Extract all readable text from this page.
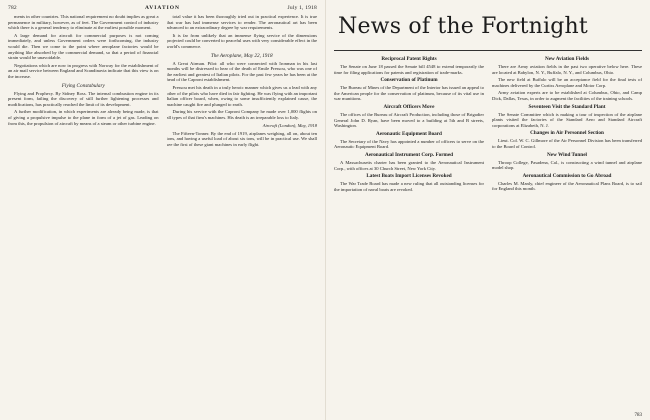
782	AVIATION	July 1, 1918

ments in other countries. This national requirement no doubt implies as great a permanence in military, however, as of feet. The Government control of industry which there is a general tendency to eliminate at the earliest possible moment.

A large demand for aircraft for commercial purposes is not coming immediately, and unless Government orders were forthcoming, the industry would die. Then we come to the point where aeroplane factories would be anything like absorbed by the commercial demand, so that a period of financial strain would be unavoidable.

Negotiations which are now in progress with Norway for the establishment of an air mail service between England and Scandinavia indicate that this view is on the increase.

Flying Constabulary

Flying and Prophecy. By Sidney Ross. The internal combustion engine in its present form, failing the discovery of still further lightening processes and modifications, has practically reached the limit of its development.

A further modification, in which experiments are already being made, is that of giving a propulsive impulse to the plane in form of a jet of gas. Leading on from this, the propulsion of aircraft by means of a steam or other turbine engine.

total value it has been thoroughly tried out in practical experience. It is true that war has had immense services to render. The aeronautical art has been advanced to an extraordinary degree by war requirements.

It is far from unlikely that an immense flying service of the dimensions projected could be converted to peaceful uses with very considerable effect in the world's commerce.

The Aeroplane, May 22, 1918

A Great Airman. Pilot: all who were connected with Ironman in his last months will be distressed to hear of the death of Emile Pressou, who was one of the earliest and greatest of Italian pilots. For the past few years he has been at the head of the Caproni establishment.

Pressou met his death in a truly heroic manner which gives us a lead with any other of the pilots who have died in fair fighting. He was flying with an important Italian officer board, when, owing to some insufficiently explained cause, the machine caught fire and plunged to earth.

During his service with the Caproni Company he made over 1,000 flights on all types of that firm's machines. His death is an irreparable loss to Italy.

Aircraft (London), May, 1918

The Fifteen-Tonner. By the end of 1919, airplanes weighing, all on, about ten tons, and having a useful load of about six tons, will be in practical use. We shall see the first of these giant machines in early flight.

News of the Fortnight
Reciprocal Patent Rights

The Senate on June 18 passed the Senate bill 4548 to extend temporarily the time for filing applications for patents and registration of trade-marks.

Conservation of Platinum

The Bureau of Mines of the Department of the Interior has issued an appeal to the American people for the conservation of platinum, because of its vital use in war munitions.

Aircraft Officers Move

The offices of the Bureau of Aircraft Production, including those of Brigadier General John D. Ryan, have been moved to a building at 5th and B streets, Washington.

Aeronautic Equipment Board

The Secretary of the Navy has appointed a number of officers to serve on the Aeronautic Equipment Board.

Aeronautical Instrument Corp. Formed

A Massachusetts charter has been granted to the Aeronautical Instrument Corp., with offices at 30 Church Street, New York City.

Latest Boats Import Licenses Revoked

The War Trade Board has made a new ruling that all outstanding licenses for the importation of naval boats are revoked.

New Aviation Fields

There are Army aviation fields in the past two operative below here. These are located at Babylon, N. Y., Buffalo, N. Y., and Columbus, Ohio.

The new field at Buffalo will be an acceptance field for the final tests of machines delivered by the Curtiss Aeroplane and Motor Corp.

Army aviation experts are to be established at Columbus, Ohio, and Camp Dick, Dallas, Texas, in order to augment the facilities of the training schools.

Seventeen Visit the Standard Plant

The Senate Committee which is making a tour of inspection of the airplane plants visited the factories of the Standard Aero and Standard Aircraft corporations at Elizabeth, N. J.

Changes in Air Personnel Section

Lieut. Col. W. C. Gillmore of the Air Personnel Division has been transferred to the Board of Control.

New Wind Tunnel

Throop College, Pasadena, Cal., is constructing a wind tunnel and airplane model shop.

Aeronautical Commission to Go Abroad

Charles M. Manly, chief engineer of the Aeronautical Plans Board, is to sail for England this month.

783
